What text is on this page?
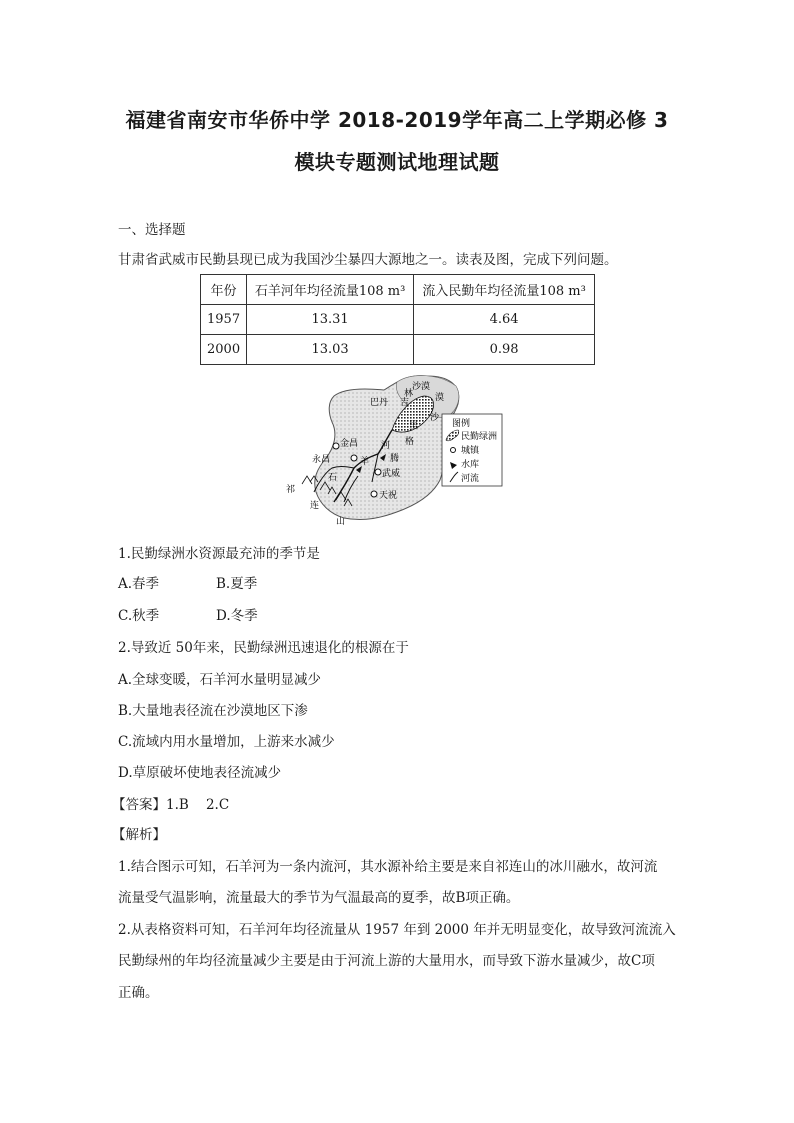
福建省南安市华侨中学 2018-2019学年高二上学期必修 3
模块专题测试地理试题
一、选择题
甘肃省武威市民勤县现已成为我国沙尘暴四大源地之一。读表及图，完成下列问题。
年份	石羊河年均径流量108 m³	流入民勤年均径流量108 m³
1957	13.31	4.64
2000	13.03	0.98
沙漠
巴丹 吉
林 漠
沙
里
格
河
腾
金昌
永昌	羊
石	武威
天祝
祁
连
山
图例
民勤绿洲
城镇
水库
河流
1.民勤绿洲水资源最充沛的季节是
A.春季	B.夏季
C.秋季	D.冬季
2.导致近 50年来，民勤绿洲迅速退化的根源在于
A.全球变暖，石羊河水量明显减少
B.大量地表径流在沙漠地区下渗
C.流域内用水量增加，上游来水减少
D.草原破坏使地表径流减少
【答案】1.B    2.C
【解析】
1.结合图示可知，石羊河为一条内流河，其水源补给主要是来自祁连山的冰川融水，故河流
流量受气温影响，流量最大的季节为气温最高的夏季，故B项正确。
2.从表格资料可知，石羊河年均径流量从 1957 年到 2000 年并无明显变化，故导致河流流入
民勤绿州的年均径流量减少主要是由于河流上游的大量用水，而导致下游水量减少，故C项
正确。
